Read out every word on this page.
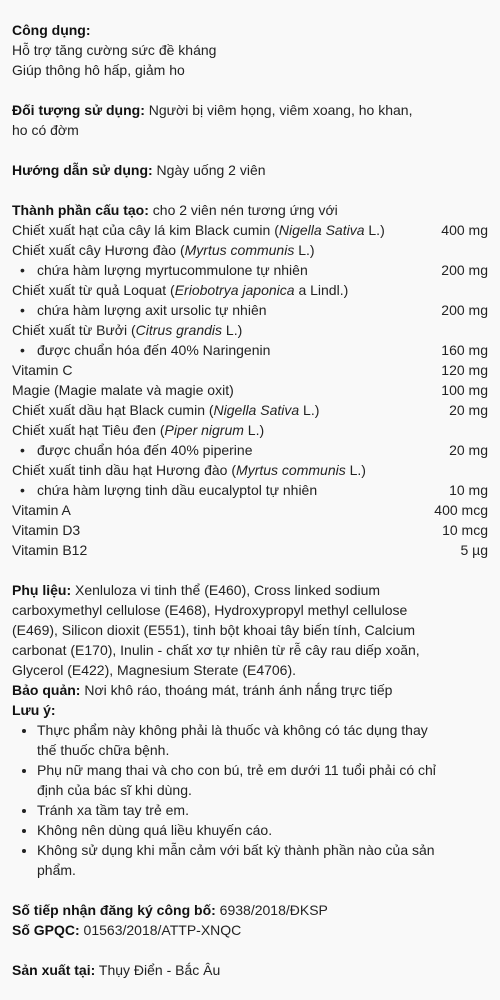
Công dụng:

Hỗ trợ tăng cường sức đề kháng

Giúp thông hô hấp, giảm ho

Đối tượng sử dụng: Người bị viêm họng, viêm xoang, ho khan,

ho có đờm

Hướng dẫn sử dụng: Ngày uống 2 viên

Thành phần cấu tạo: cho 2 viên nén tương ứng với

Chiết xuất hạt của cây lá kim Black cumin (Nigella Sativa L.)	400 mg
Chiết xuất cây Hương đào (Myrtus communis L.)
• chứa hàm lượng myrtucommulone tự nhiên	200 mg
Chiết xuất từ quả Loquat (Eriobotrya japonica a Lindl.)
• chứa hàm lượng axit ursolic tự nhiên	200 mg
Chiết xuất từ Bưởi (Citrus grandis L.)
• được chuẩn hóa đến 40% Naringenin	160 mg
Vitamin C	120 mg
Magie (Magie malate và magie oxit)	100 mg
Chiết xuất dầu hạt Black cumin (Nigella Sativa L.)	20 mg
Chiết xuất hạt Tiêu đen (Piper nigrum L.)
• được chuẩn hóa đến 40% piperine	20 mg
Chiết xuất tinh dầu hạt Hương đào (Myrtus communis L.)
• chứa hàm lượng tinh dầu eucalyptol tự nhiên	10 mg
Vitamin A	400 mcg
Vitamin D3	10 mcg
Vitamin B12	5 µg

Phụ liệu: Xenluloza vi tinh thể (E460), Cross linked sodium

carboxymethyl cellulose (E468), Hydroxypropyl methyl cellulose

(E469), Silicon dioxit (E551), tinh bột khoai tây biến tính, Calcium

carbonat (E170), Inulin - chất xơ tự nhiên từ rễ cây rau diếp xoăn,

Glycerol (E422), Magnesium Sterate (E4706).

Bảo quản: Nơi khô ráo, thoáng mát, tránh ánh nắng trực tiếp

Lưu ý:

• Thực phẩm này không phải là thuốc và không có tác dụng thay
thế thuốc chữa bệnh.
• Phụ nữ mang thai và cho con bú, trẻ em dưới 11 tuổi phải có chỉ
định của bác sĩ khi dùng.
• Tránh xa tầm tay trẻ em.
• Không nên dùng quá liều khuyến cáo.
• Không sử dụng khi mẫn cảm với bất kỳ thành phần nào của sản
phẩm.

Số tiếp nhận đăng ký công bố: 6938/2018/ĐKSP

Số GPQC: 01563/2018/ATTP-XNQC

Sản xuất tại: Thụy Điển - Bắc Âu
